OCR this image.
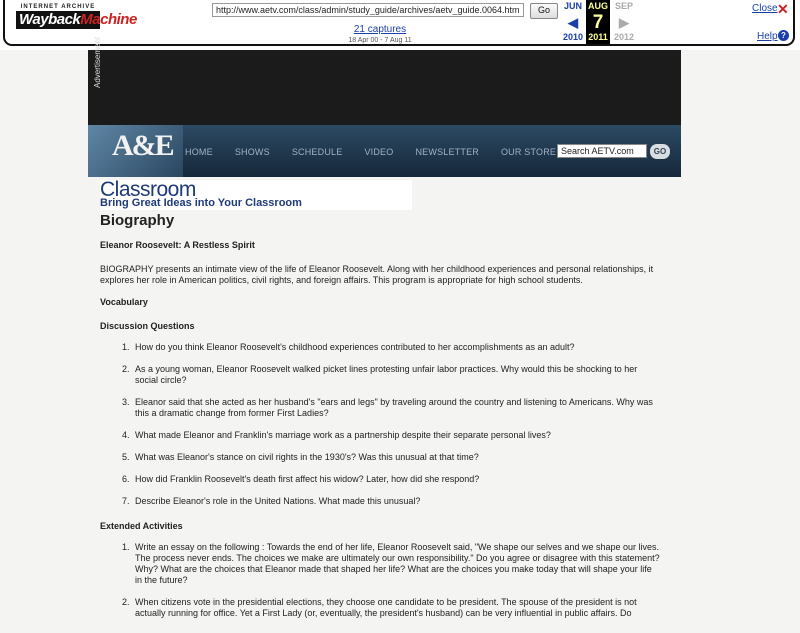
INTERNET ARCHIVE
WaybackMachine
http://www.aetv.com/class/admin/study_guide/archives/aetv_guide.0064.html
Go
21 captures
18 Apr 00 - 7 Aug 11
JUN
◀
2010
AUG
7
2011
SEP
▶
2012
Close ✕
Help ?
Advertisement
A&E HOME SHOWS SCHEDULE VIDEO NEWSLETTER OUR STORE
Search AETV.com	GO
Classroom
Bring Great Ideas into Your Classroom
Biography
Eleanor Roosevelt: A Restless Spirit
BIOGRAPHY presents an intimate view of the life of Eleanor Roosevelt. Along with her childhood experiences and personal relationships, it explores her role in American politics, civil rights, and foreign affairs. This program is appropriate for high school students.
Vocabulary
Discussion Questions
1. How do you think Eleanor Roosevelt's childhood experiences contributed to her accomplishments as an adult?
2. As a young woman, Eleanor Roosevelt walked picket lines protesting unfair labor practices. Why would this be shocking to her social circle?
3. Eleanor said that she acted as her husband's "ears and legs" by traveling around the country and listening to Americans. Why was this a dramatic change from former First Ladies?
4. What made Eleanor and Franklin's marriage work as a partnership despite their separate personal lives?
5. What was Eleanor's stance on civil rights in the 1930's? Was this unusual at that time?
6. How did Franklin Roosevelt's death first affect his widow? Later, how did she respond?
7. Describe Eleanor's role in the United Nations. What made this unusual?
Extended Activities
1. Write an essay on the following : Towards the end of her life, Eleanor Roosevelt said, "We shape our selves and we shape our lives. The process never ends. The choices we make are ultimately our own responsibility." Do you agree or disagree with this statement? Why? What are the choices that Eleanor made that shaped her life? What are the choices you make today that will shape your life in the future?
2. When citizens vote in the presidential elections, they choose one candidate to be president. The spouse of the president is not actually running for office. Yet a First Lady (or, eventually, the president's husband) can be very influential in public affairs. Do
